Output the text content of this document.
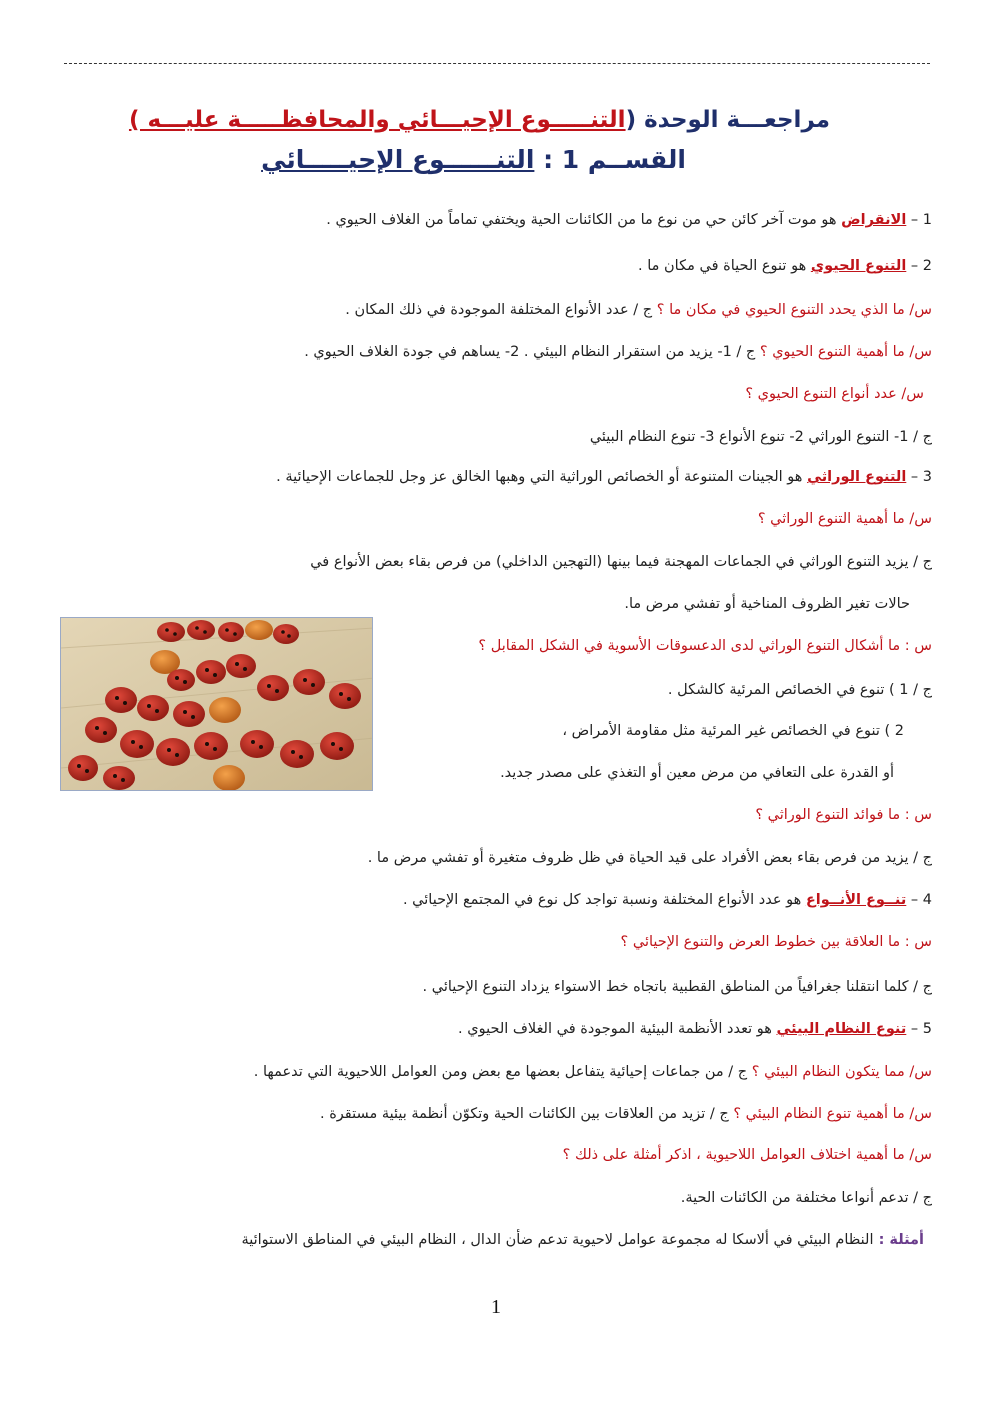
مراجعـــة الوحدة (التنـــــوع الإحيـــائي والمحافظـــــة عليـــه )
القســم 1 : التنــــــوع الإحيـــــائي
1 – الانقراض هو موت آخر كائن حي من نوع ما من الكائنات الحية ويختفي تماماً من الغلاف الحيوي .
2 – التنوع الحيوي هو تنوع الحياة في مكان ما .
س/ ما الذي يحدد التنوع الحيوي في مكان ما ؟ ج / عدد الأنواع المختلفة الموجودة في ذلك المكان .
س/ ما أهمية التنوع الحيوي ؟ ج / 1- يزيد من استقرار النظام البيئي . 2- يساهم في جودة الغلاف الحيوي .
س/ عدد أنواع التنوع الحيوي ؟
ج / 1- التنوع الوراثي 2- تنوع الأنواع 3- تنوع النظام البيئي
3 – التنوع الوراثي هو الجينات المتنوعة أو الخصائص الوراثية التي وهبها الخالق عز وجل للجماعات الإحيائية .
س/ ما أهمية التنوع الوراثي ؟
ج / يزيد التنوع الوراثي في الجماعات المهجنة فيما بينها (التهجين الداخلي) من فرص بقاء بعض الأنواع في
حالات تغير الظروف المناخية أو تفشي مرض ما.
س : ما أشكال التنوع الوراثي لدى الدعسوقات الأسوية في الشكل المقابل ؟
ج / 1 ) تنوع في الخصائص المرئية كالشكل .
2 ) تنوع في الخصائص غير المرئية مثل مقاومة الأمراض ،
أو القدرة على التعافي من مرض معين أو التغذي على مصدر جديد.
س : ما فوائد التنوع الوراثي ؟
ج / يزيد من فرص بقاء بعض الأفراد على قيد الحياة في ظل ظروف متغيرة أو تفشي مرض ما .
4 – تنــوع الأنــواع هو عدد الأنواع المختلفة ونسبة تواجد كل نوع في المجتمع الإحيائي .
س : ما العلاقة بين خطوط العرض والتنوع الإحيائي ؟
ج / كلما انتقلنا جغرافياً من المناطق القطبية باتجاه خط الاستواء يزداد التنوع الإحيائي .
5 – تنوع النظام البيئي هو تعدد الأنظمة البيئية الموجودة في الغلاف الحيوي .
س/ مما يتكون النظام البيئي ؟ ج / من جماعات إحيائية يتفاعل بعضها مع بعض ومن العوامل اللاحيوية التي تدعمها .
س/ ما أهمية تنوع النظام البيئي ؟ ج / تزيد من العلاقات بين الكائنات الحية وتكوّن أنظمة بيئية مستقرة .
س/ ما أهمية اختلاف العوامل اللاحيوية ، اذكر أمثلة على ذلك ؟
ج / تدعم أنواعا مختلفة من الكائنات الحية.
أمثلة : النظام البيئي في ألاسكا له مجموعة عوامل لاحيوية تدعم ضأن الدال ، النظام البيئي في المناطق الاستوائية
1
